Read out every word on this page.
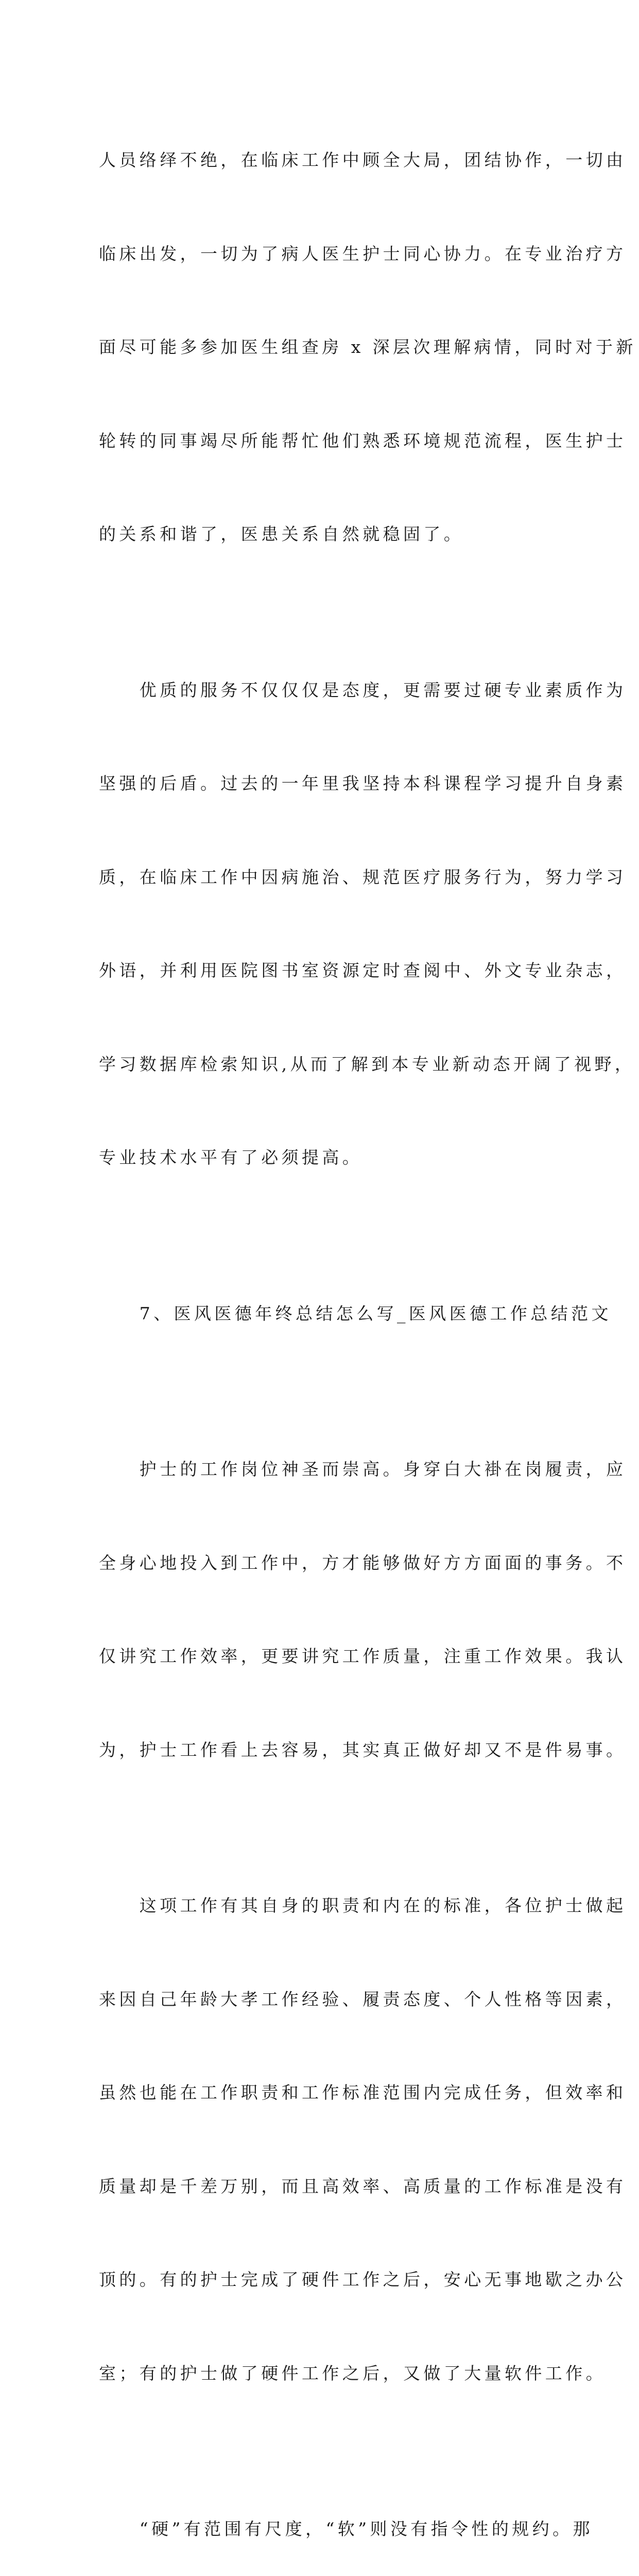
人员络绎不绝，在临床工作中顾全大局，团结协作，一切由

临床出发，一切为了病人医生护士同心协力。在专业治疗方

面尽可能多参加医生组查房 x 深层次理解病情，同时对于新

轮转的同事竭尽所能帮忙他们熟悉环境规范流程，医生护士

的关系和谐了，医患关系自然就稳固了。

　　优质的服务不仅仅仅是态度，更需要过硬专业素质作为

坚强的后盾。过去的一年里我坚持本科课程学习提升自身素

质，在临床工作中因病施治、规范医疗服务行为，努力学习

外语，并利用医院图书室资源定时查阅中、外文专业杂志，

学习数据库检索知识,从而了解到本专业新动态开阔了视野，

专业技术水平有了必须提高。

　　7、医风医德年终总结怎么写_医风医德工作总结范文

　　护士的工作岗位神圣而崇高。身穿白大褂在岗履责，应

全身心地投入到工作中，方才能够做好方方面面的事务。不

仅讲究工作效率，更要讲究工作质量，注重工作效果。我认

为，护士工作看上去容易，其实真正做好却又不是件易事。

　　这项工作有其自身的职责和内在的标准，各位护士做起

来因自己年龄大孝工作经验、履责态度、个人性格等因素，

虽然也能在工作职责和工作标准范围内完成任务，但效率和

质量却是千差万别，而且高效率、高质量的工作标准是没有

顶的。有的护士完成了硬件工作之后，安心无事地歇之办公

室；有的护士做了硬件工作之后，又做了大量软件工作。

　　“硬”有范围有尺度，“软”则没有指令性的规约。那
